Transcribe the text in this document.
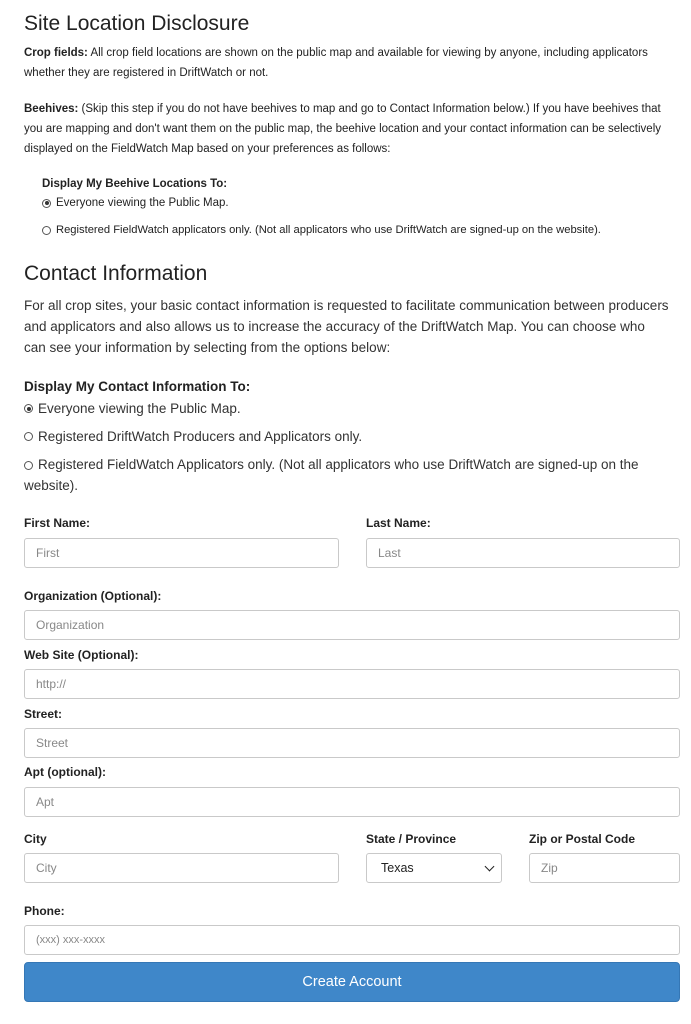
Site Location Disclosure
Crop fields: All crop field locations are shown on the public map and available for viewing by anyone, including applicators whether they are registered in DriftWatch or not.
Beehives: (Skip this step if you do not have beehives to map and go to Contact Information below.) If you have beehives that you are mapping and don't want them on the public map, the beehive location and your contact information can be selectively displayed on the FieldWatch Map based on your preferences as follows:
Display My Beehive Locations To:
Everyone viewing the Public Map.
Registered FieldWatch applicators only. (Not all applicators who use DriftWatch are signed-up on the website).
Contact Information
For all crop sites, your basic contact information is requested to facilitate communication between producers and applicators and also allows us to increase the accuracy of the DriftWatch Map. You can choose who can see your information by selecting from the options below:
Display My Contact Information To:
Everyone viewing the Public Map.
Registered DriftWatch Producers and Applicators only.
Registered FieldWatch Applicators only. (Not all applicators who use DriftWatch are signed-up on the website).
First Name:
First	Last Name:
Last
Organization (Optional):
Organization
Web Site (Optional):
http://
Street:
Street
Apt (optional):
Apt
City
City	State / Province
Texas
Zip or Postal Code
Zip
Phone:
(xxx) xxx-xxxx
Create Account
